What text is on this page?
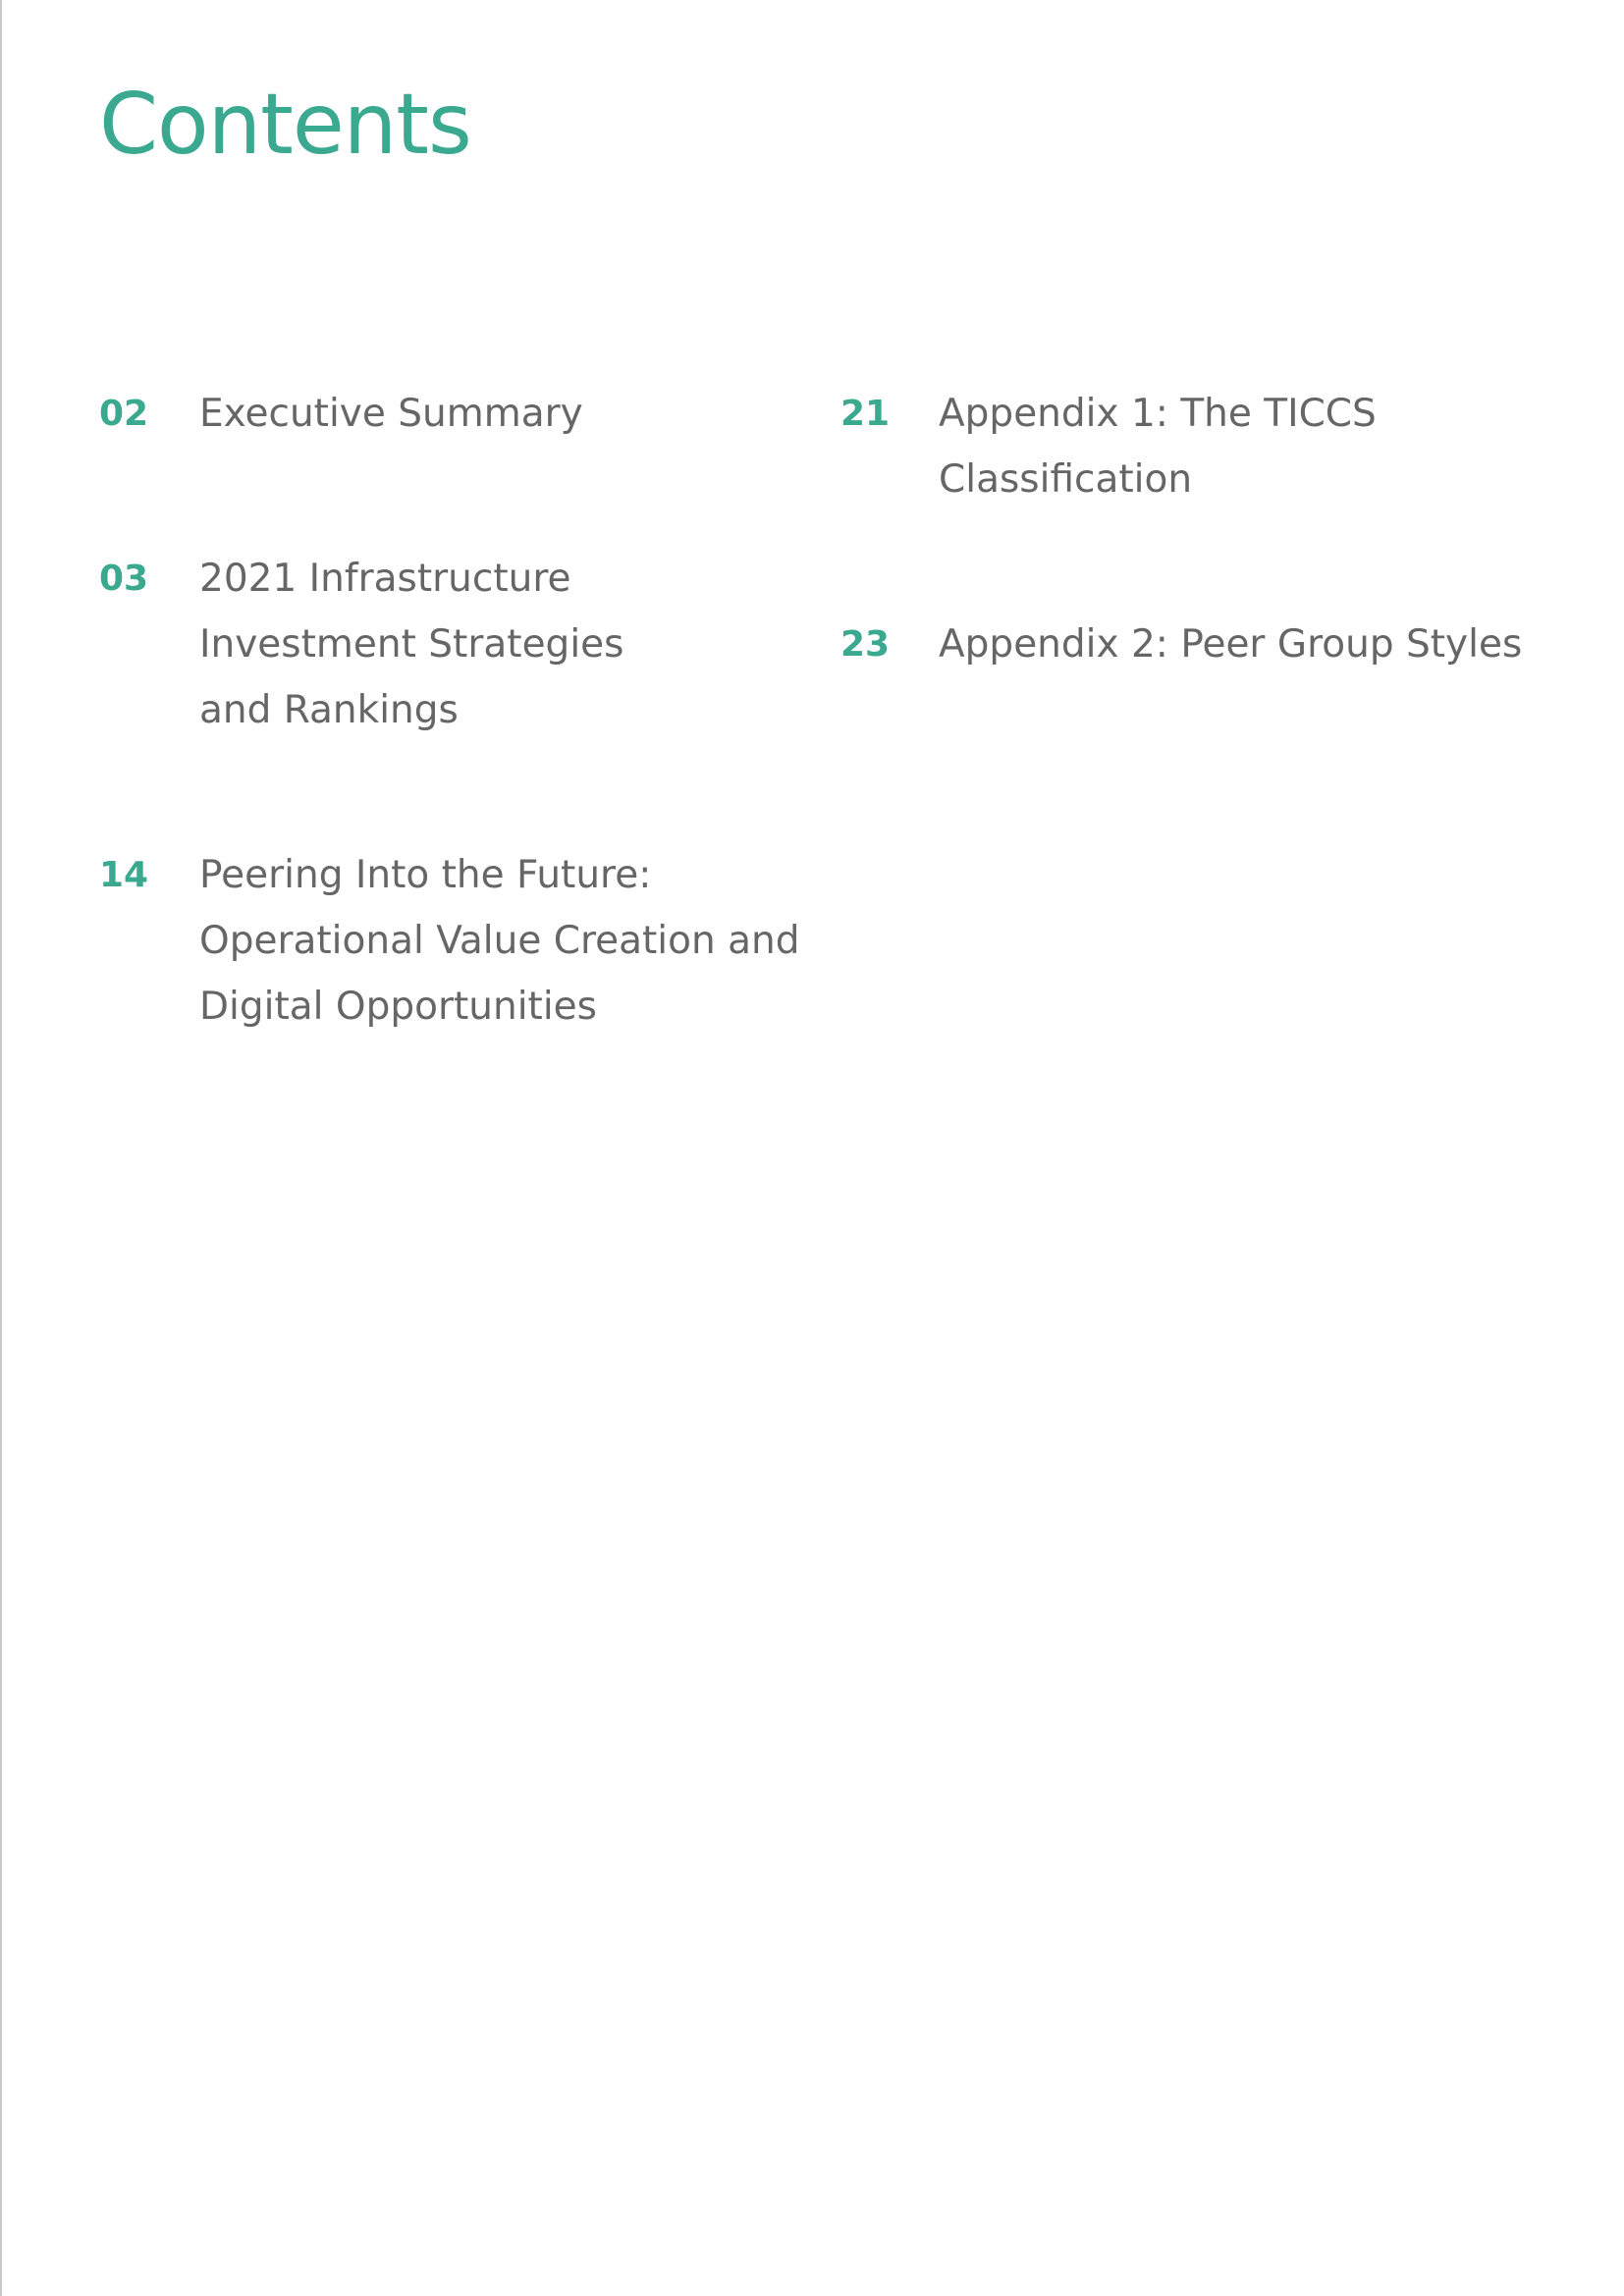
Contents
02 Executive Summary
03 2021 Infrastructure
Investment Strategies
and Rankings
14 Peering Into the Future:
Operational Value Creation and
Digital Opportunities
21 Appendix 1: The TICCS
Classification
23 Appendix 2: Peer Group Styles
